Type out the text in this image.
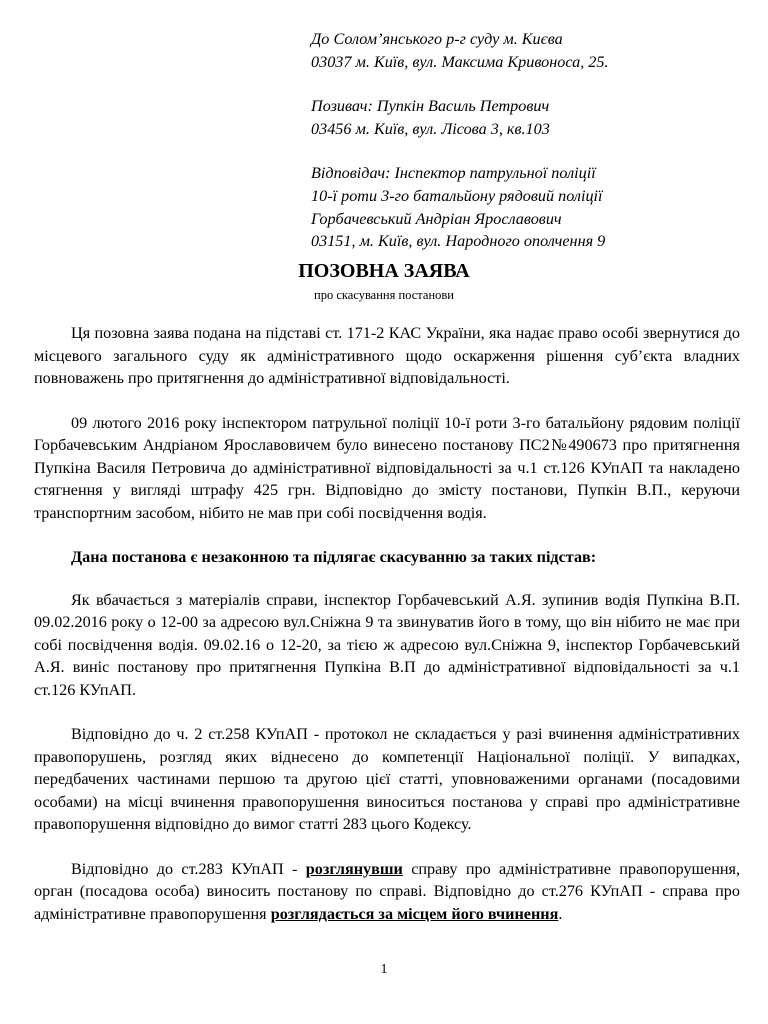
До Солом’янського р-г суду м. Києва
03037 м. Київ, вул. Максима Кривоноса, 25.
Позивач: Пупкін Василь Петрович
03456 м. Київ, вул. Лісова 3, кв.103
Відповідач: Інспектор патрульної поліції
10-ї роти 3-го батальйону рядовий поліції
Горбачевський Андріан Ярославович
03151, м. Київ, вул. Народного ополчення 9
ПОЗОВНА ЗАЯВА
про скасування постанови

Ця позовна заява подана на підставі ст. 171-2 КАС України, яка надає право особі звернутися до місцевого загального суду як адміністративного щодо оскарження рішення суб’єкта владних повноважень про притягнення до адміністративної відповідальності.

09 лютого 2016 року інспектором патрульної поліції 10-ї роти 3-го батальйону рядовим поліції Горбачевським Андріаном Ярославовичем було винесено постанову ПС2№490673 про притягнення Пупкіна Василя Петровича до адміністративної відповідальності за ч.1 ст.126 КУпАП та накладено стягнення у вигляді штрафу 425 грн. Відповідно до змісту постанови, Пупкін В.П., керуючи транспортним засобом, нібито не мав при собі посвідчення водія.

Дана постанова є незаконною та підлягає скасуванню за таких підстав:

Як вбачається з матеріалів справи, інспектор Горбачевський А.Я. зупинив водія Пупкіна В.П. 09.02.2016 року о 12-00 за адресою вул.Сніжна 9 та звинуватив його в тому, що він нібито не має при собі посвідчення водія. 09.02.16 о 12-20, за тією ж адресою вул.Сніжна 9, інспектор Горбачевський А.Я. виніс постанову про притягнення Пупкіна В.П до адміністративної відповідальності за ч.1 ст.126 КУпАП.

Відповідно до ч. 2 ст.258 КУпАП - протокол не складається у разі вчинення адміністративних правопорушень, розгляд яких віднесено до компетенції Національної поліції. У випадках, передбачених частинами першою та другою цієї статті, уповноваженими органами (посадовими особами) на місці вчинення правопорушення виноситься постанова у справі про адміністративне правопорушення відповідно до вимог статті 283 цього Кодексу.

Відповідно до ст.283 КУпАП - розглянувши справу про адміністративне правопорушення, орган (посадова особа) виносить постанову по справі. Відповідно до ст.276 КУпАП - справа про адміністративне правопорушення розглядається за місцем його вчинення.

1
